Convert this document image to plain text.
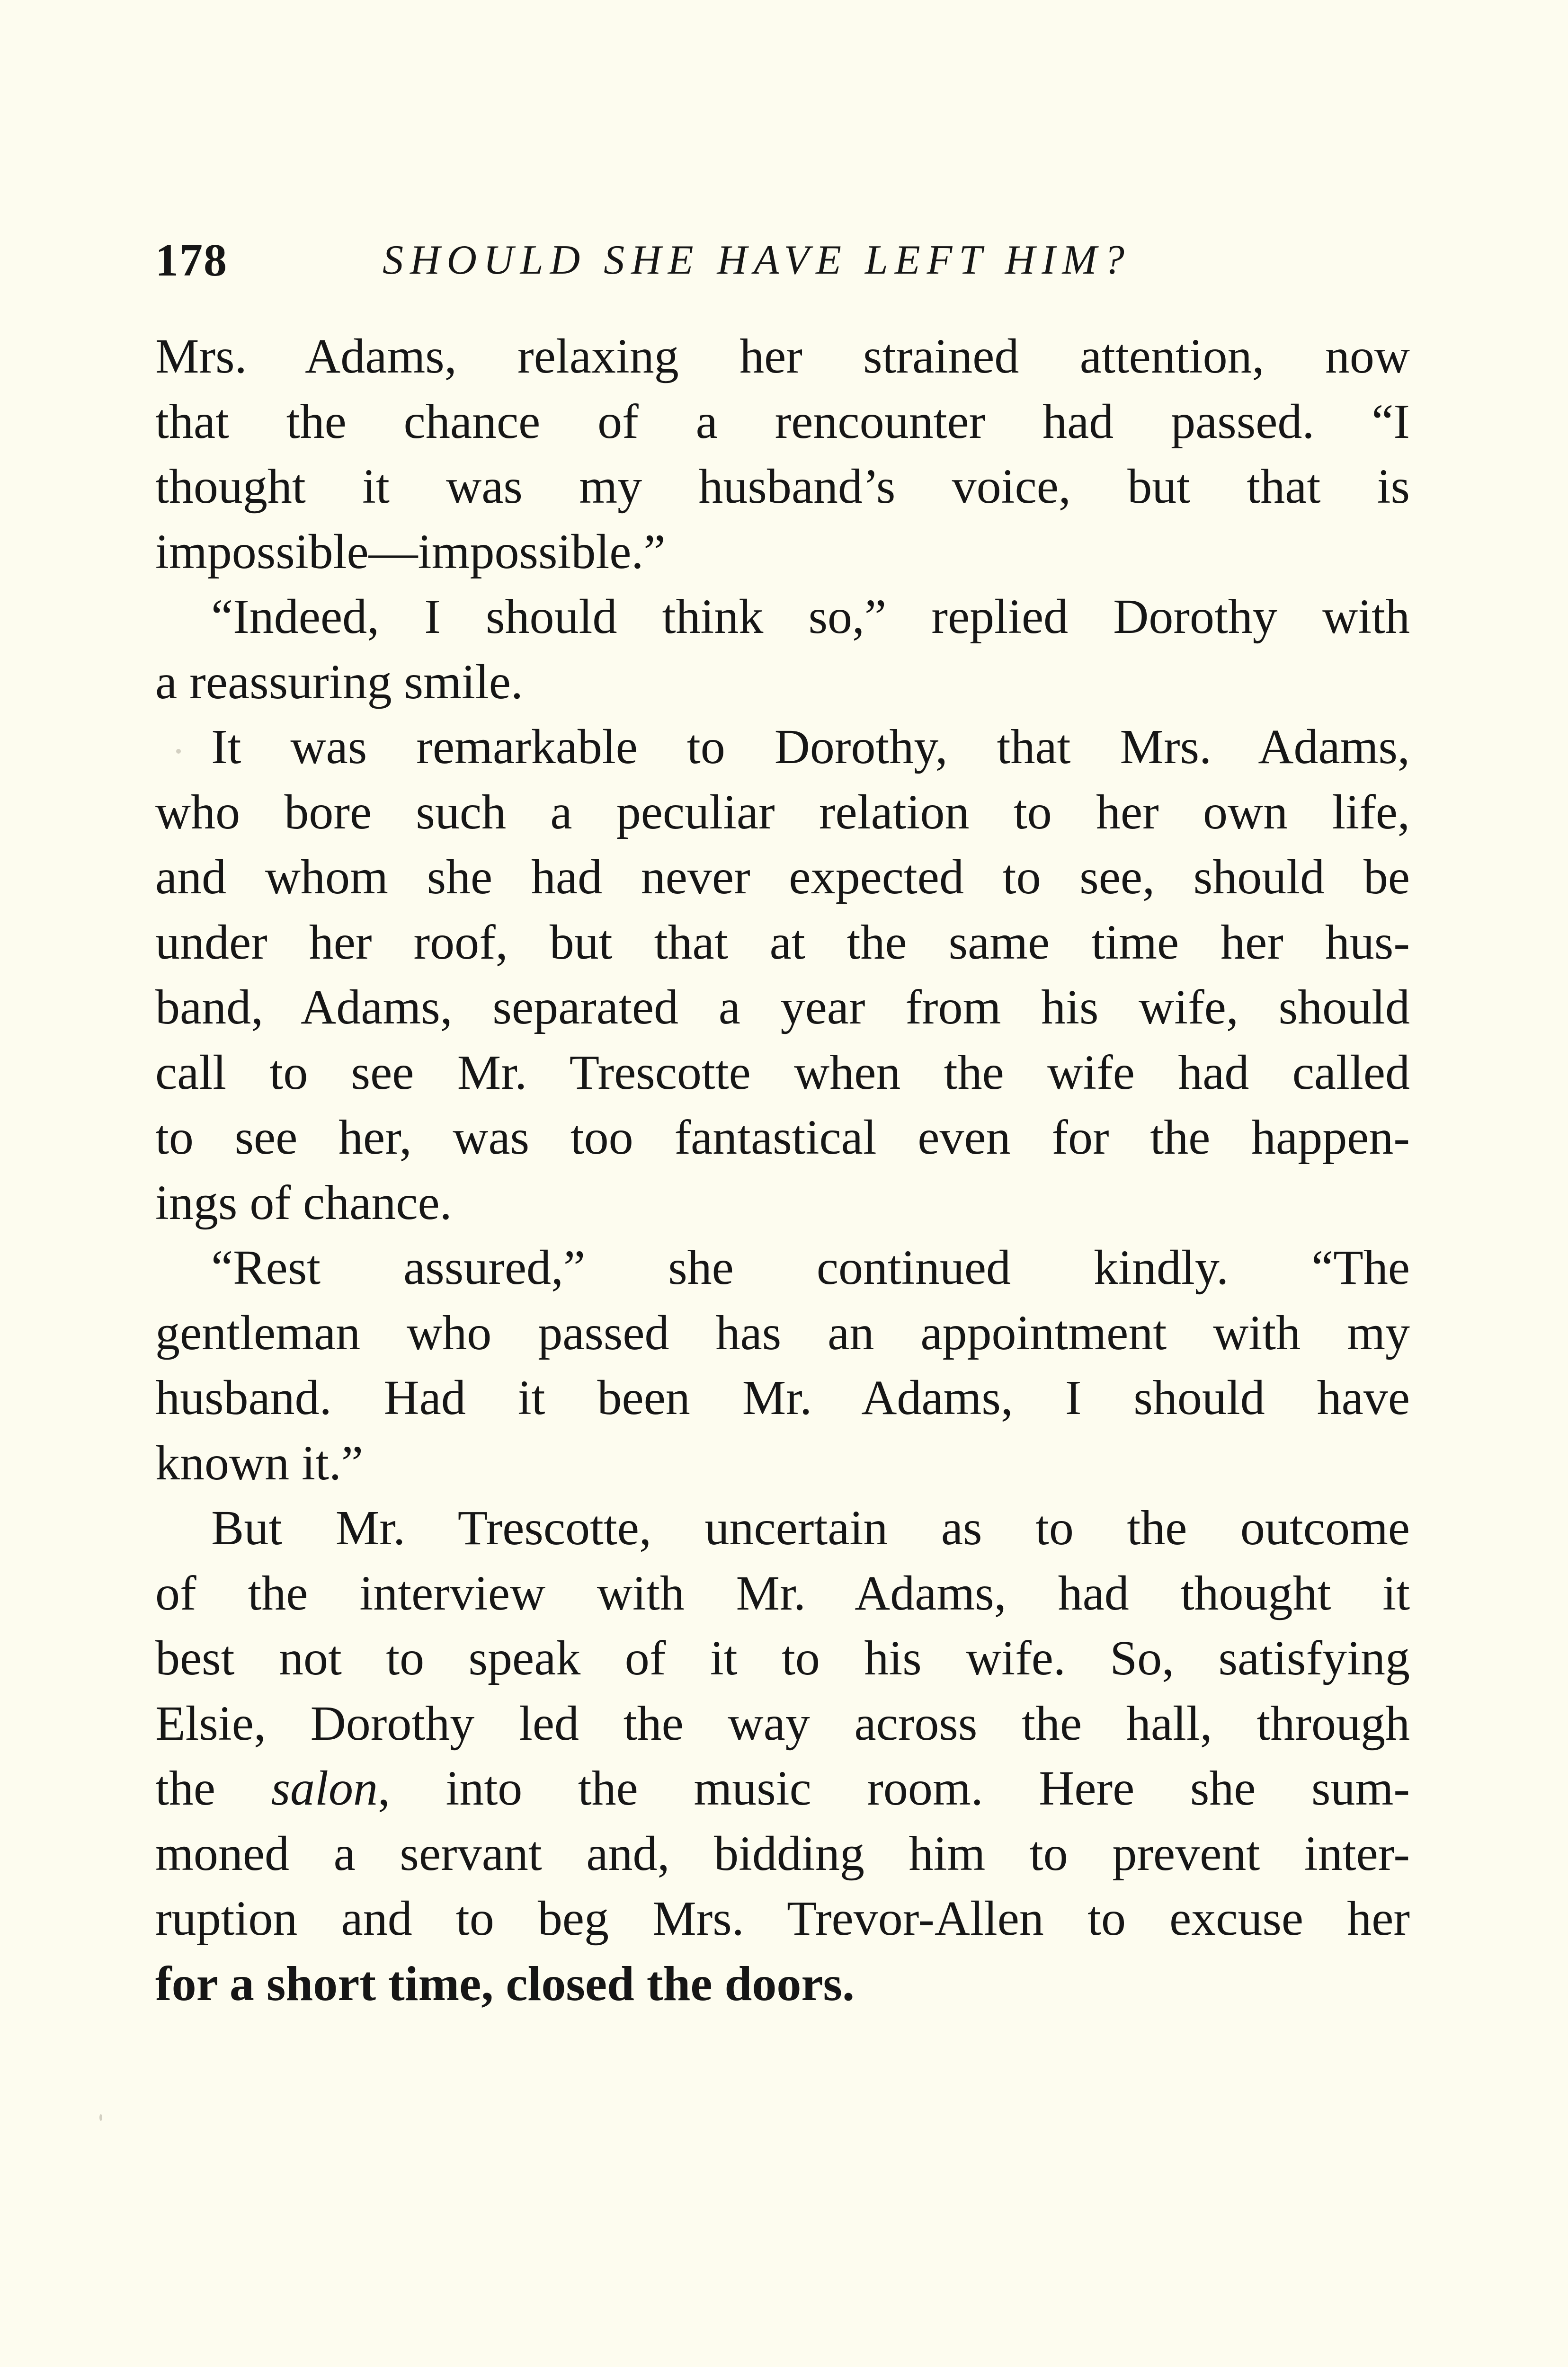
178	SHOULD SHE HAVE LEFT HIM?

Mrs. Adams, relaxing her strained attention, now
that the chance of a rencounter had passed. “I
thought it was my husband’s voice, but that is
impossible—impossible.”

“Indeed, I should think so,” replied Dorothy with
a reassuring smile.

It was remarkable to Dorothy, that Mrs. Adams,
who bore such a peculiar relation to her own life,
and whom she had never expected to see, should be
under her roof, but that at the same time her hus-
band, Adams, separated a year from his wife, should
call to see Mr. Trescotte when the wife had called
to see her, was too fantastical even for the happen-
ings of chance.

“Rest assured,” she continued kindly. “The
gentleman who passed has an appointment with my
husband. Had it been Mr. Adams, I should have
known it.”

But Mr. Trescotte, uncertain as to the outcome
of the interview with Mr. Adams, had thought it
best not to speak of it to his wife. So, satisfying
Elsie, Dorothy led the way across the hall, through
the salon, into the music room. Here she sum-
moned a servant and, bidding him to prevent inter-
ruption and to beg Mrs. Trevor-Allen to excuse her
for a short time, closed the doors.
